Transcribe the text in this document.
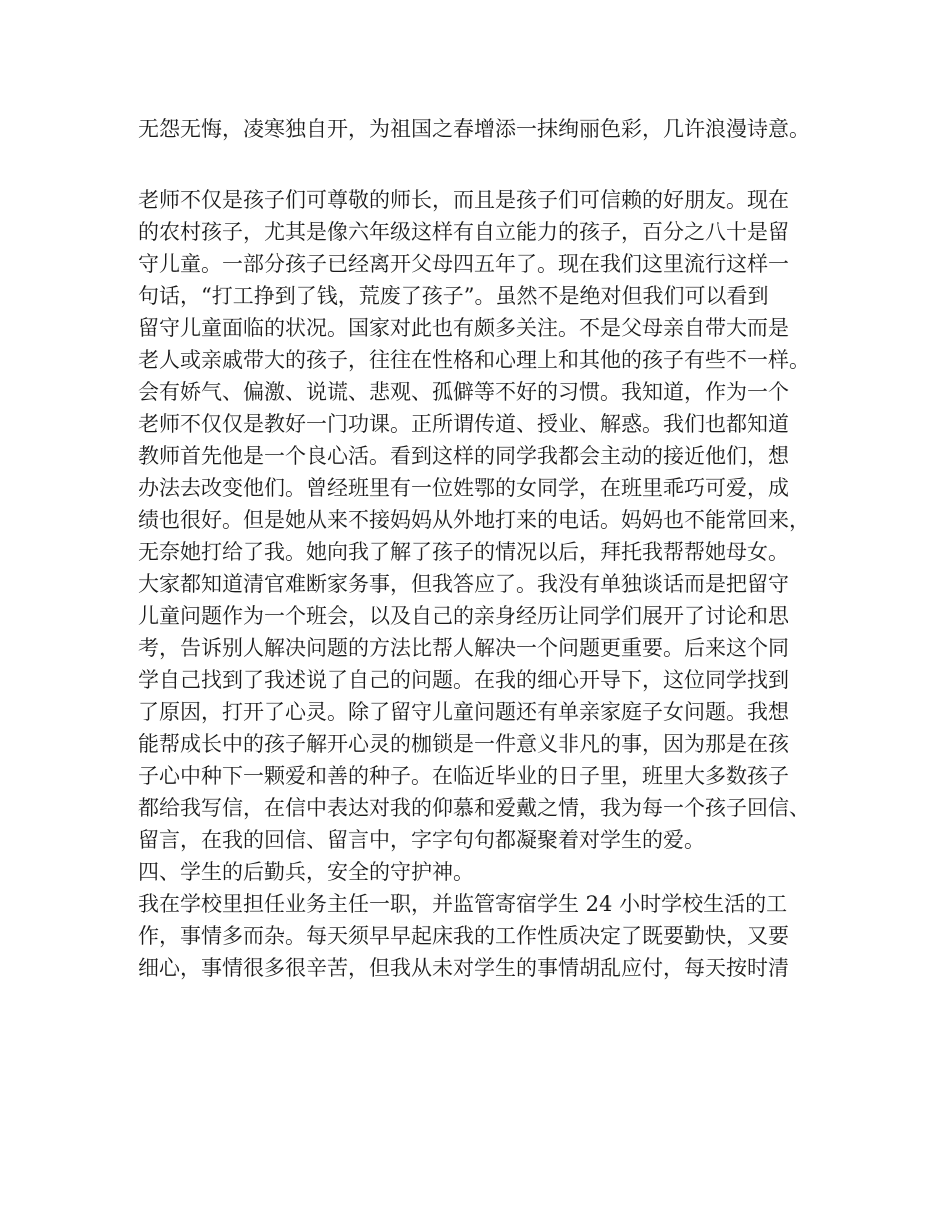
无怨无悔，凌寒独自开，为祖国之春增添一抹绚丽色彩，几许浪漫诗意。
老师不仅是孩子们可尊敬的师长，而且是孩子们可信赖的好朋友。现在
的农村孩子，尤其是像六年级这样有自立能力的孩子，百分之八十是留
守儿童。一部分孩子已经离开父母四五年了。现在我们这里流行这样一
句话，“打工挣到了钱，荒废了孩子”。虽然不是绝对但我们可以看到
留守儿童面临的状况。国家对此也有颇多关注。不是父母亲自带大而是
老人或亲戚带大的孩子，往往在性格和心理上和其他的孩子有些不一样。
会有娇气、偏激、说谎、悲观、孤僻等不好的习惯。我知道，作为一个
老师不仅仅是教好一门功课。正所谓传道、授业、解惑。我们也都知道
教师首先他是一个良心活。看到这样的同学我都会主动的接近他们，想
办法去改变他们。曾经班里有一位姓鄂的女同学，在班里乖巧可爱，成
绩也很好。但是她从来不接妈妈从外地打来的电话。妈妈也不能常回来，
无奈她打给了我。她向我了解了孩子的情况以后，拜托我帮帮她母女。
大家都知道清官难断家务事，但我答应了。我没有单独谈话而是把留守
儿童问题作为一个班会，以及自己的亲身经历让同学们展开了讨论和思
考，告诉别人解决问题的方法比帮人解决一个问题更重要。后来这个同
学自己找到了我述说了自己的问题。在我的细心开导下，这位同学找到
了原因，打开了心灵。除了留守儿童问题还有单亲家庭子女问题。我想
能帮成长中的孩子解开心灵的枷锁是一件意义非凡的事，因为那是在孩
子心中种下一颗爱和善的种子。在临近毕业的日子里，班里大多数孩子
都给我写信，在信中表达对我的仰慕和爱戴之情，我为每一个孩子回信、
留言，在我的回信、留言中，字字句句都凝聚着对学生的爱。
四、学生的后勤兵，安全的守护神。
我在学校里担任业务主任一职，并监管寄宿学生 24 小时学校生活的工
作，事情多而杂。每天须早早起床我的工作性质决定了既要勤快，又要
细心，事情很多很辛苦，但我从未对学生的事情胡乱应付，每天按时清
